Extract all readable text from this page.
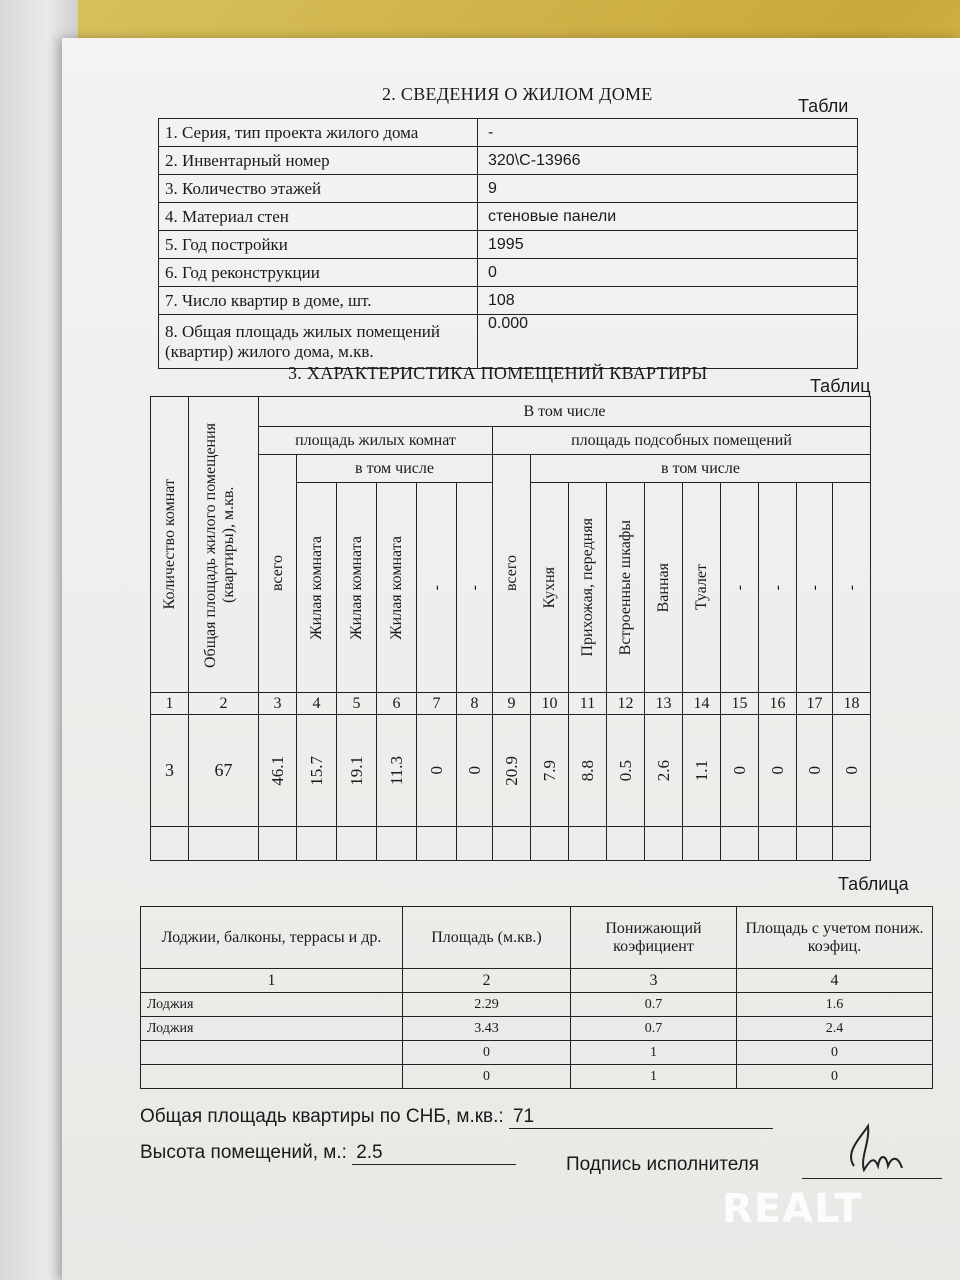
2. СВЕДЕНИЯ О ЖИЛОМ ДОМЕ
Табли
1. Серия, тип проекта жилого дома	-
2. Инвентарный номер	320\С-13966
3. Количество этажей	9
4. Материал стен	стеновые панели
5. Год постройки	1995
6. Год реконструкции	0
7. Число квартир в доме, шт.	108
8. Общая площадь жилых помещений (квартир) жилого дома, м.кв.	0.000
3. ХАРАКТЕРИСТИКА ПОМЕЩЕНИЙ КВАРТИРЫ
Таблиц
Количество комнат	Общая площадь жилого помещения (квартиры), м.кв.	В том числе															
		площадь жилых комнат						площадь подсобных помещений									

		всего	в том числе					всего	в том числе								

			Жилая комната	Жилая комната	Жилая комната	-	-		Кухня	Прихожая, передняя	Встроенные шкафы	Ванная	Туалет	-	-	-	-

1	2	3	4	5	6	7	8	9	10	11	12	13	14	15	16	17	18

3	67	46.1	15.7	19.1	11.3	0	0	20.9	7.9	8.8	0.5	2.6	1.1	0	0	0	0

Таблица
Лоджии, балконы, террасы и др.	Площадь (м.кв.)	Понижающий коэфициент	Площадь с учетом пониж. коэфиц.
1	2	3	4
Лоджия	2.29	0.7	1.6
Лоджия	3.43	0.7	2.4
	0	1	0
	0	1	0
Общая площадь квартиры по СНБ, м.кв.: 71
Высота помещений, м.: 2.5
Подпись исполнителя
REALT
